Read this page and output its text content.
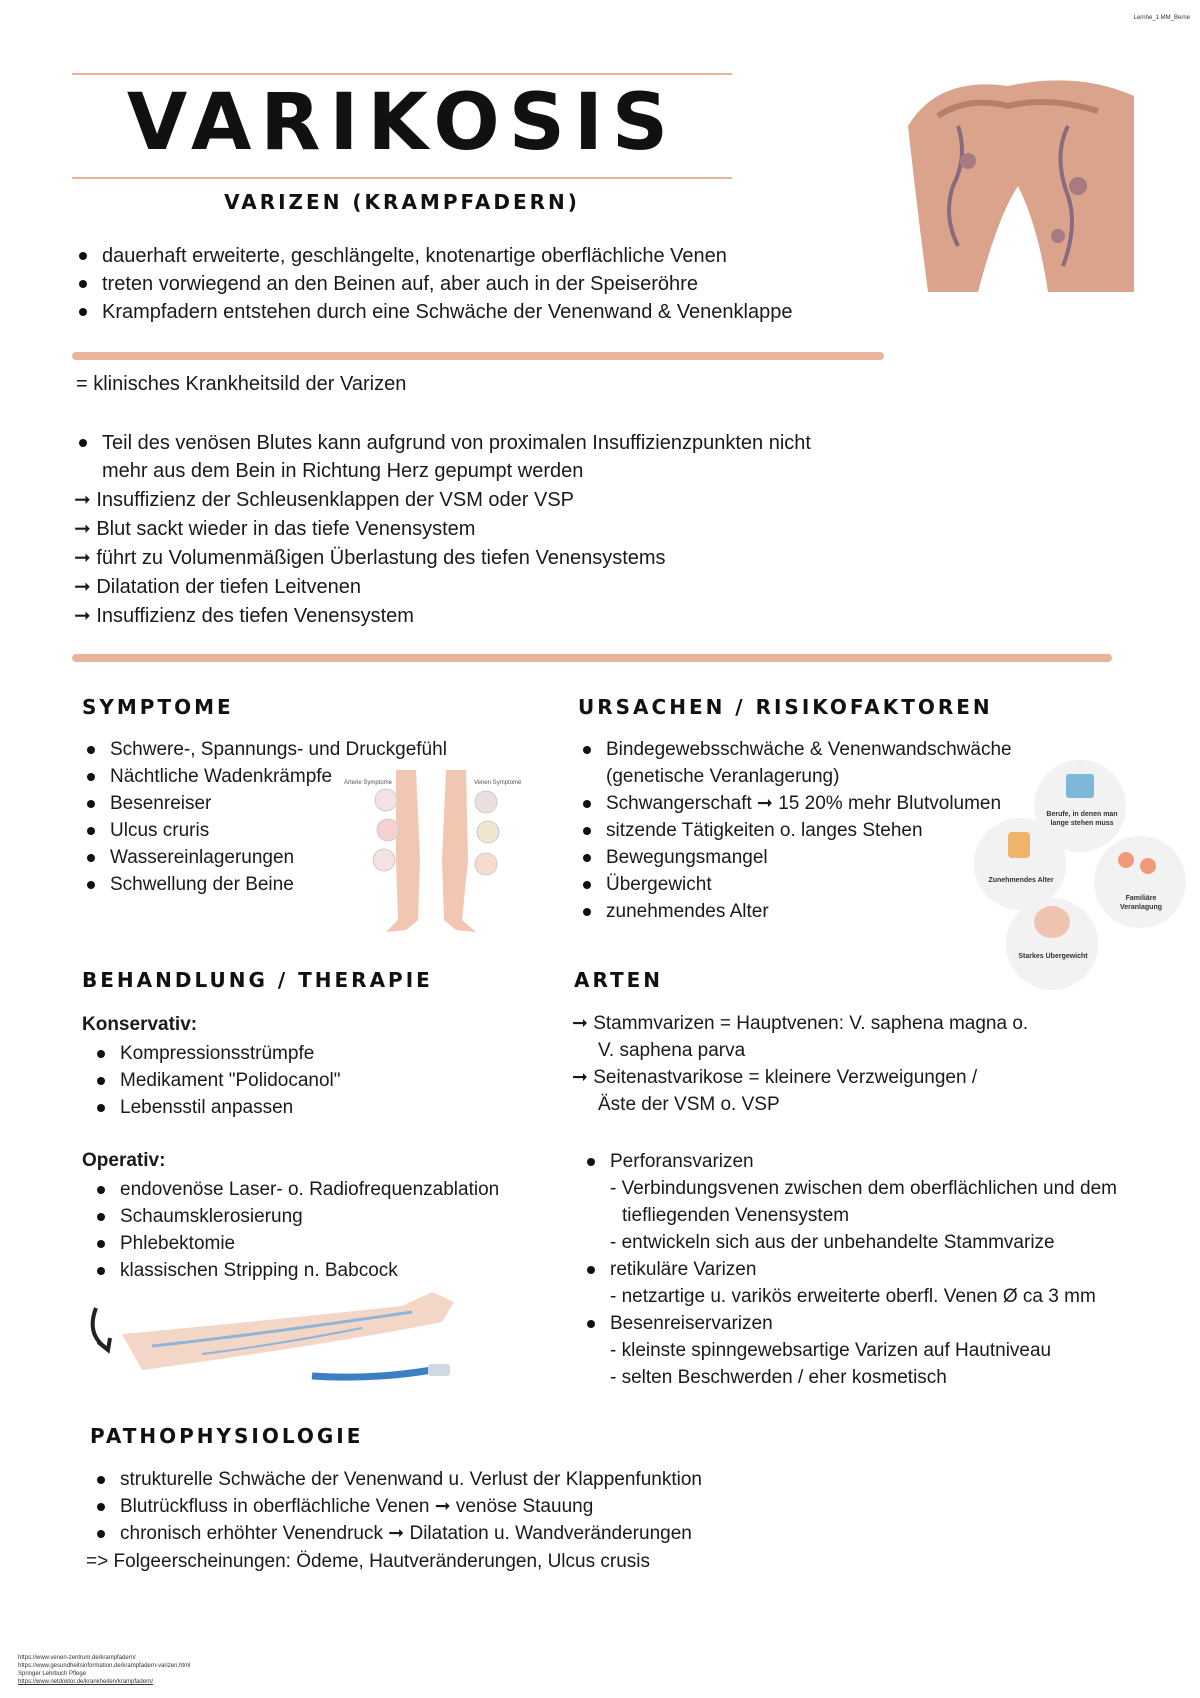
Lernhe_1 MM_Berne
VARIKOSIS
VARIZEN (KRAMPFADERN)
dauerhaft erweiterte, geschlängelte, knotenartige oberflächliche Venen
treten vorwiegend an den Beinen auf, aber auch in der Speiseröhre
Krampfadern entstehen durch eine Schwäche der Venenwand & Venenklappe
= klinisches Krankheitsild der Varizen
Teil des venösen Blutes kann aufgrund von proximalen Insuffizienzpunkten nicht
mehr aus dem Bein in Richtung Herz gepumpt werden
➞ Insuffizienz der Schleusenklappen der VSM oder VSP
➞ Blut sackt wieder in das tiefe Venensystem
➞ führt zu Volumenmäßigen Überlastung des tiefen Venensystems
➞ Dilatation der tiefen Leitvenen
➞ Insuffizienz des tiefen Venensystem
SYMPTOME
Schwere-, Spannungs- und Druckgefühl
Nächtliche Wadenkrämpfe
Besenreiser
Ulcus cruris
Wassereinlagerungen
Schwellung der Beine
Arterie Symptome	Venen Symptome
URSACHEN / RISIKOFAKTOREN
Bindegewebsschwäche & Venenwandschwäche
(genetische Veranlagerung)
Schwangerschaft ➞ 15 20% mehr Blutvolumen
sitzende Tätigkeiten o. langes Stehen
Bewegungsmangel
Übergewicht
zunehmendes Alter
Berufe, in denen man lange stehen muss
Zunehmendes Alter
Familiäre Veranlagung
Starkes Übergewicht
BEHANDLUNG / THERAPIE
Konservativ:
Kompressionsstrümpfe
Medikament "Polidocanol"
Lebensstil anpassen
Operativ:
endovenöse Laser- o. Radiofrequenzablation
Schaumsklerosierung
Phlebektomie
klassischen Stripping n. Babcock
ARTEN
➞ Stammvarizen = Hauptvenen: V. saphena magna o.
V. saphena parva
➞ Seitenastvarikose = kleinere Verzweigungen /
Äste der VSM o. VSP
Perforansvarizen
- Verbindungsvenen zwischen dem oberflächlichen und dem
tiefliegenden Venensystem
- entwickeln sich aus der unbehandelte Stammvarize
retikuläre Varizen
- netzartige u. varikös erweiterte oberfl. Venen Ø ca 3 mm
Besenreiservarizen
- kleinste spinngewebsartige Varizen auf Hautniveau
- selten Beschwerden / eher kosmetisch
PATHOPHYSIOLOGIE
strukturelle Schwäche der Venenwand u. Verlust der Klappenfunktion
Blutrückfluss in oberflächliche Venen ➞ venöse Stauung
chronisch erhöhter Venendruck ➞ Dilatation u. Wandveränderungen
=> Folgeerscheinungen: Ödeme, Hautveränderungen, Ulcus crusis
https://www.venen-zentrum.de/krampfadern/
https://www.gesundheitsinformation.de/krampfadern-varizen.html
Springer Lehrbuch Pflege
https://www.netdoktor.de/krankheiten/krampfadern/
